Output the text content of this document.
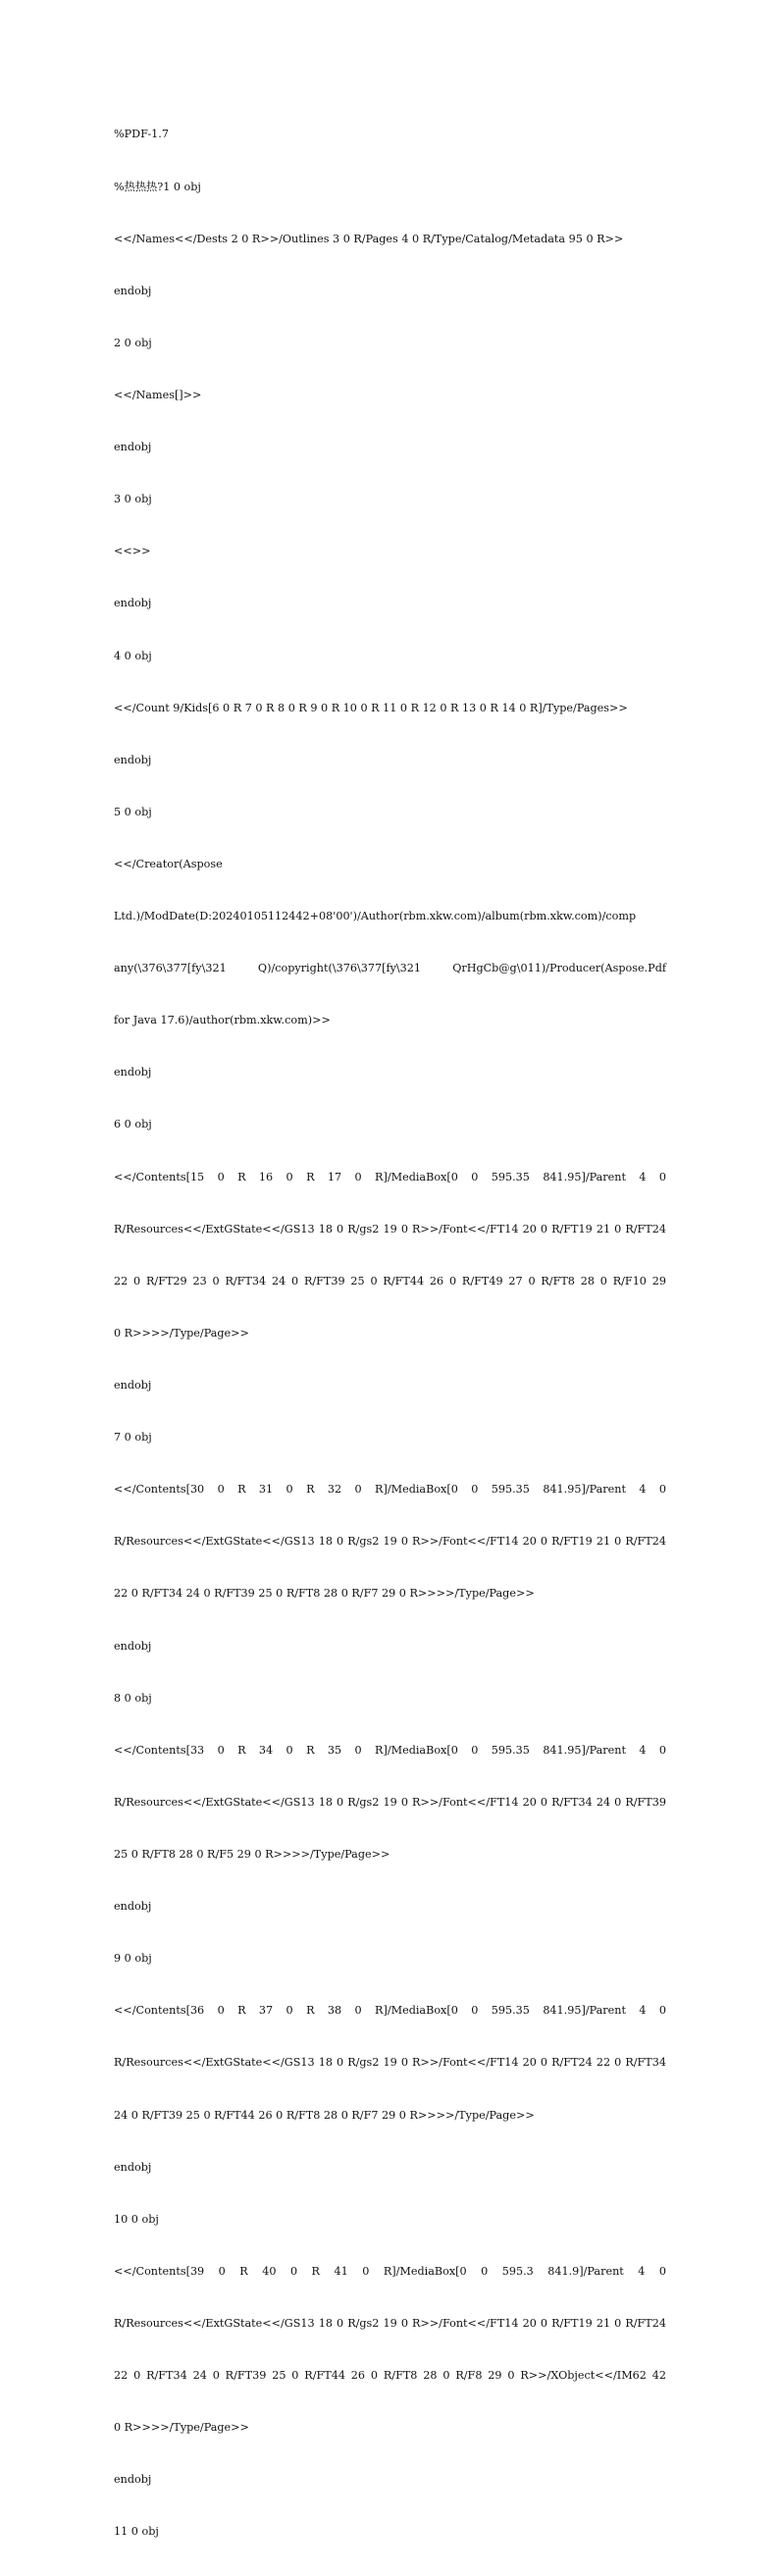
%PDF-1.7

%热热热?1 0 obj

<</Names<</Dests 2 0 R>>/Outlines 3 0 R/Pages 4 0 R/Type/Catalog/Metadata 95 0 R>>

endobj

2 0 obj

<</Names[]>>

endobj

3 0 obj

<<>>

endobj

4 0 obj

<</Count 9/Kids[6 0 R 7 0 R 8 0 R 9 0 R 10 0 R 11 0 R 12 0 R 13 0 R 14 0 R]/Type/Pages>>

endobj

5 0 obj

<</Creator(Aspose

Ltd.)/ModDate(D:20240105112442+08'00')/Author(rbm.xkw.com)/album(rbm.xkw.com)/comp

any(\376\377[fy\321 Q)/copyright(\376\377[fy\321 QrHgCb@g\011)/Producer(Aspose.Pdf

for Java 17.6)/author(rbm.xkw.com)>>

endobj

6 0 obj

<</Contents[15 0 R 16 0 R 17 0 R]/MediaBox[0 0 595.35 841.95]/Parent 4 0

R/Resources<</ExtGState<</GS13 18 0 R/gs2 19 0 R>>/Font<</FT14 20 0 R/FT19 21 0 R/FT24

22 0 R/FT29 23 0 R/FT34 24 0 R/FT39 25 0 R/FT44 26 0 R/FT49 27 0 R/FT8 28 0 R/F10 29

0 R>>>>/Type/Page>>

endobj

7 0 obj

<</Contents[30 0 R 31 0 R 32 0 R]/MediaBox[0 0 595.35 841.95]/Parent 4 0

R/Resources<</ExtGState<</GS13 18 0 R/gs2 19 0 R>>/Font<</FT14 20 0 R/FT19 21 0 R/FT24

22 0 R/FT34 24 0 R/FT39 25 0 R/FT8 28 0 R/F7 29 0 R>>>>/Type/Page>>

endobj

8 0 obj

<</Contents[33 0 R 34 0 R 35 0 R]/MediaBox[0 0 595.35 841.95]/Parent 4 0

R/Resources<</ExtGState<</GS13 18 0 R/gs2 19 0 R>>/Font<</FT14 20 0 R/FT34 24 0 R/FT39

25 0 R/FT8 28 0 R/F5 29 0 R>>>>/Type/Page>>

endobj

9 0 obj

<</Contents[36 0 R 37 0 R 38 0 R]/MediaBox[0 0 595.35 841.95]/Parent 4 0

R/Resources<</ExtGState<</GS13 18 0 R/gs2 19 0 R>>/Font<</FT14 20 0 R/FT24 22 0 R/FT34

24 0 R/FT39 25 0 R/FT44 26 0 R/FT8 28 0 R/F7 29 0 R>>>>/Type/Page>>

endobj

10 0 obj

<</Contents[39 0 R 40 0 R 41 0 R]/MediaBox[0 0 595.3 841.9]/Parent 4 0

R/Resources<</ExtGState<</GS13 18 0 R/gs2 19 0 R>>/Font<</FT14 20 0 R/FT19 21 0 R/FT24

22 0 R/FT34 24 0 R/FT39 25 0 R/FT44 26 0 R/FT8 28 0 R/F8 29 0 R>>/XObject<</IM62 42

0 R>>>>/Type/Page>>

endobj

11 0 obj
